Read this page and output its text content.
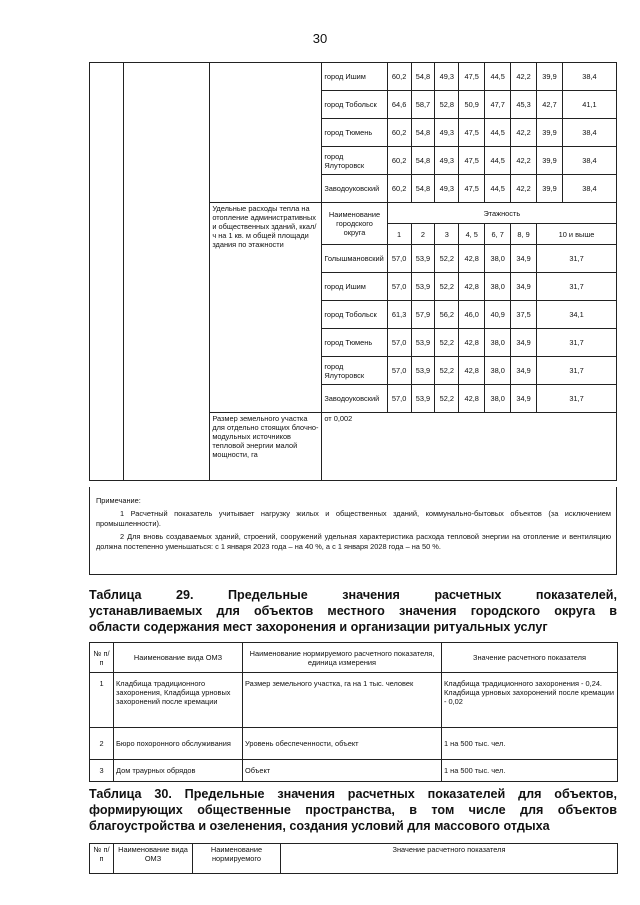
30
			город Ишим	60,2	54,8	49,3	47,5	44,5	42,2	39,9	38,4
			город Тобольск	64,6	58,7	52,8	50,9	47,7	45,3	42,7	41,1
			город Тюмень	60,2	54,8	49,3	47,5	44,5	42,2	39,9	38,4
			город Ялуторовск	60,2	54,8	49,3	47,5	44,5	42,2	39,9	38,4
			Заводоуковский	60,2	54,8	49,3	47,5	44,5	42,2	39,9	38,4
		Удельные расходы тепла на отопление административных и общественных зданий, ккал/ч на 1 кв. м общей площади здания по этажности	Наименование городского округа	Этажность							
				1	2	3	4, 5	6, 7	8, 9	10 и выше	
			Голышмановский	57,0	53,9	52,2	42,8	38,0	34,9	31,7	
			город Ишим	57,0	53,9	52,2	42,8	38,0	34,9	31,7	
			город Тобольск	61,3	57,9	56,2	46,0	40,9	37,5	34,1	
			город Тюмень	57,0	53,9	52,2	42,8	38,0	34,9	31,7	
			город Ялуторовск	57,0	53,9	52,2	42,8	38,0	34,9	31,7	
			Заводоуковский	57,0	53,9	52,2	42,8	38,0	34,9	31,7	
		Размер земельного участка для отдельно стоящих блочно-модульных источников тепловой энергии малой мощности, га	от 0,002								

Примечание:

1 Расчетный показатель учитывает нагрузку жилых и общественных зданий, коммунально-бытовых объектов (за исключением промышленности).

2 Для вновь создаваемых зданий, строений, сооружений удельная характеристика расхода тепловой энергии на отопление и вентиляцию должна постепенно уменьшаться: с 1 января 2023 года – на 40 %, а с 1 января 2028 года – на 50 %.

Таблица 29. Предельные значения расчетных показателей,
устанавливаемых для объектов местного значения городского округа в
области содержания мест захоронения и организации ритуальных услуг
№ п/п	Наименование вида ОМЗ	Наименование нормируемого расчетного показателя, единица измерения	Значение расчетного показателя
1	Кладбища традиционного захоронения, Кладбища урновых захоронений после кремации	Размер земельного участка, га на 1 тыс. человек	Кладбища традиционного захоронения - 0,24. Кладбища урновых захоронений после кремации - 0,02
2	Бюро похоронного обслуживания	Уровень обеспеченности, объект	1 на 500 тыс. чел.
3	Дом траурных обрядов	Объект	1 на 500 тыс. чел.
Таблица 30. Предельные значения расчетных показателей для объектов,
формирующих общественные пространства, в том числе для объектов
благоустройства и озеленения, создания условий для массового отдыха
№ п/п	Наименование вида ОМЗ	Наименование нормируемого	Значение расчетного показателя
